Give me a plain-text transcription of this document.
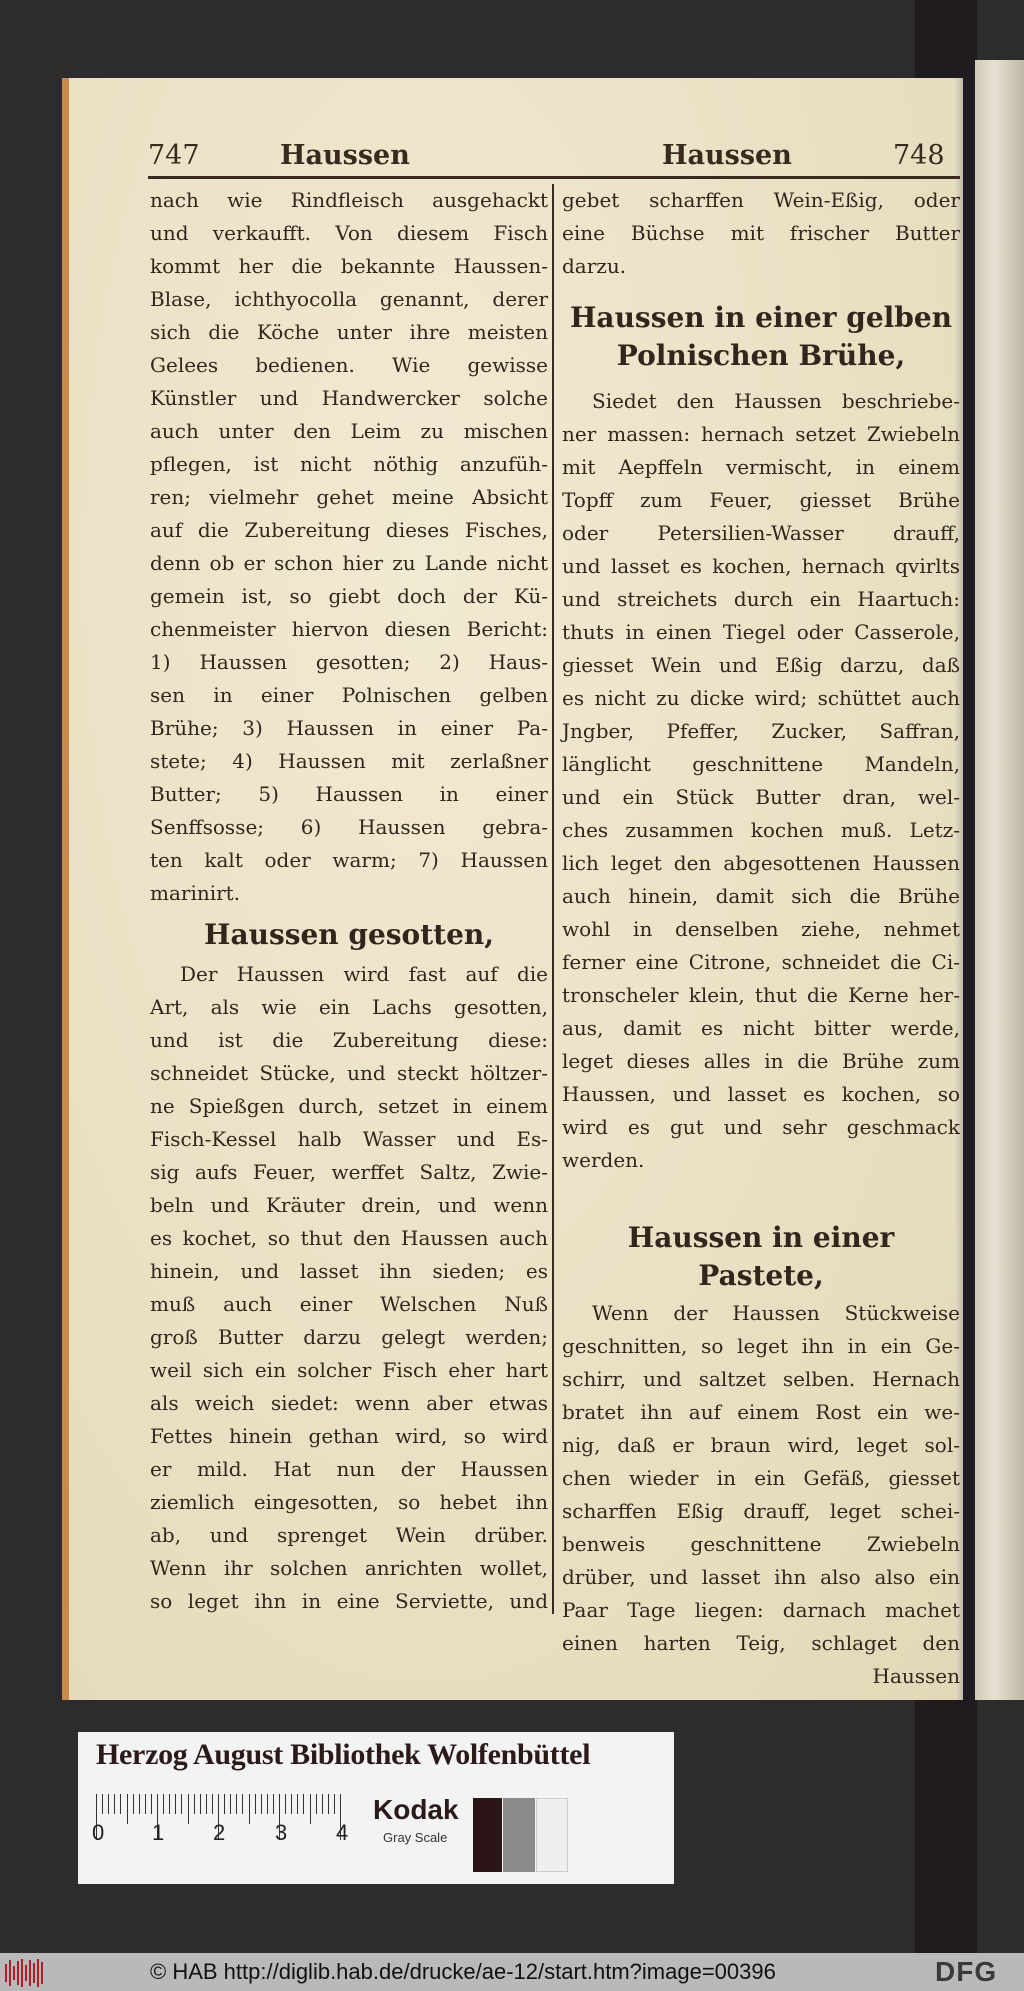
747	Haussen	Haussen	748
nach wie Rindfleisch ausgehackt
und verkaufft. Von diesem Fisch
kommt her die bekannte Haussen-
Blase, ichthyocolla genannt, derer
sich die Köche unter ihre meisten
Gelees bedienen. Wie gewisse
Künstler und Handwercker solche
auch unter den Leim zu mischen
pflegen, ist nicht nöthig anzufüh-
ren; vielmehr gehet meine Absicht
auf die Zubereitung dieses Fisches,
denn ob er schon hier zu Lande nicht
gemein ist, so giebt doch der Kü-
chenmeister hiervon diesen Bericht:
1) Haussen gesotten; 2) Haus-
sen in einer Polnischen gelben
Brühe; 3) Haussen in einer Pa-
stete; 4) Haussen mit zerlaßner
Butter; 5) Haussen in einer
Senffsosse; 6) Haussen gebra-
ten kalt oder warm; 7) Haussen
marinirt.
Haussen gesotten,
Der Haussen wird fast auf die
Art, als wie ein Lachs gesotten,
und ist die Zubereitung diese:
schneidet Stücke, und steckt höltzer-
ne Spießgen durch, setzet in einem
Fisch-Kessel halb Wasser und Es-
sig aufs Feuer, werffet Saltz, Zwie-
beln und Kräuter drein, und wenn
es kochet, so thut den Haussen auch
hinein, und lasset ihn sieden; es
muß auch einer Welschen Nuß
groß Butter darzu gelegt werden;
weil sich ein solcher Fisch eher hart
als weich siedet: wenn aber etwas
Fettes hinein gethan wird, so wird
er mild. Hat nun der Haussen
ziemlich eingesotten, so hebet ihn
ab, und sprenget Wein drüber.
Wenn ihr solchen anrichten wollet,
so leget ihn in eine Serviette, und
gebet scharffen Wein-Eßig, oder
eine Büchse mit frischer Butter
darzu.
Haussen in einer gelben Polnischen Brühe,
Siedet den Haussen beschriebe-
ner massen: hernach setzet Zwiebeln
mit Aepffeln vermischt, in einem
Topff zum Feuer, giesset Brühe
oder Petersilien-Wasser drauff,
und lasset es kochen, hernach qvirlts
und streichets durch ein Haartuch:
thuts in einen Tiegel oder Casserole,
giesset Wein und Eßig darzu, daß
es nicht zu dicke wird; schüttet auch
Jngber, Pfeffer, Zucker, Saffran,
länglicht geschnittene Mandeln,
und ein Stück Butter dran, wel-
ches zusammen kochen muß. Letz-
lich leget den abgesottenen Haussen
auch hinein, damit sich die Brühe
wohl in denselben ziehe, nehmet
ferner eine Citrone, schneidet die Ci-
tronscheler klein, thut die Kerne her-
aus, damit es nicht bitter werde,
leget dieses alles in die Brühe zum
Haussen, und lasset es kochen, so
wird es gut und sehr geschmack
werden.
Haussen in einer Pastete,
Wenn der Haussen Stückweise
geschnitten, so leget ihn in ein Ge-
schirr, und saltzet selben. Hernach
bratet ihn auf einem Rost ein we-
nig, daß er braun wird, leget sol-
chen wieder in ein Gefäß, giesset
scharffen Eßig drauff, leget schei-
benweis geschnittene Zwiebeln
drüber, und lasset ihn also also ein
Paar Tage liegen: darnach machet
einen harten Teig, schlaget den
Haussen
Herzog August Bibliothek Wolfenbüttel
0 1 2 3 4
Kodak
Gray Scale
© HAB http://diglib.hab.de/drucke/ae-12/start.htm?image=00396	DFG
